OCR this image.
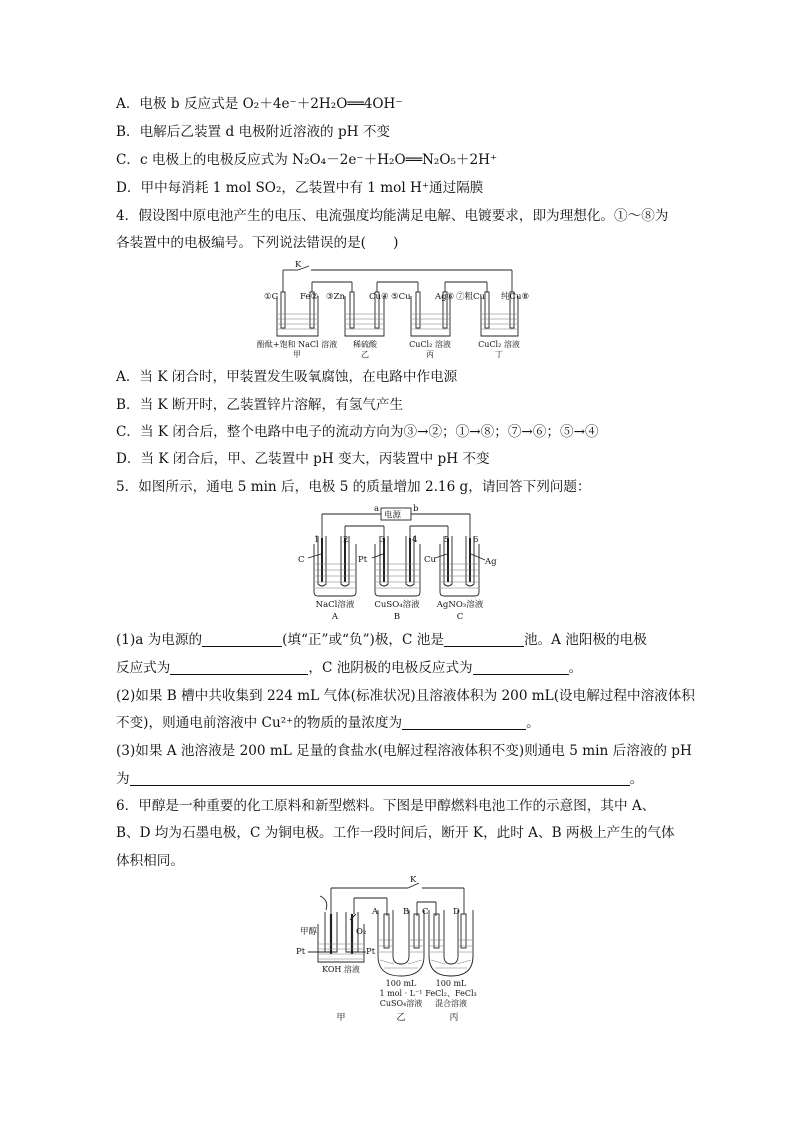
A．电极 b 反应式是 O₂＋4e⁻＋2H₂O══4OH⁻
B．电解后乙装置 d 电极附近溶液的 pH 不变
C．c 电极上的电极反应式为 N₂O₄－2e⁻＋H₂O══N₂O₅＋2H⁺
D．甲中每消耗 1 mol SO₂，乙装置中有 1 mol H⁺通过隔膜
4．假设图中原电池产生的电压、电流强度均能满足电解、电镀要求，即为理想化。①～⑧为
各装置中的电极编号。下列说法错误的是(　　)
K
①C	Fe② ③Zn	Cu④ ⑤Cu	Ag⑥ ⑦粗Cu 纯Cu⑧
酚酞+饱和 NaCl 溶液 稀硫酸	CuCl₂ 溶液	CuCl₂ 溶液
甲	乙	丙	丁
A．当 K 闭合时，甲装置发生吸氧腐蚀，在电路中作电源
B．当 K 断开时，乙装置锌片溶解，有氢气产生
C．当 K 闭合后，整个电路中电子的流动方向为③→②；①→⑧；⑦→⑥；⑤→④
D．当 K 闭合后，甲、乙装置中 pH 变大，丙装置中 pH 不变
5．如图所示，通电 5 min 后，电极 5 的质量增加 2.16 g，请回答下列问题：
电源
a	b
1	2	3	4	5	6
C	Pt	Cu	Ag
NaCl溶液 CuSO₄溶液 AgNO₃溶液
A	B	C
(1)a 为电源的	(填“正”或“负”)极，C 池是	池。A 池阳极的电极
反应式为	，C 池阴极的电极反应式为	。
(2)如果 B 槽中共收集到 224 mL 气体(标准状况)且溶液体积为 200 mL(设电解过程中溶液体积
不变)，则通电前溶液中 Cu²⁺的物质的量浓度为	。
(3)如果 A 池溶液是 200 mL 足量的食盐水(电解过程溶液体积不变)则通电 5 min 后溶液的 pH
为	。
6．甲醇是一种重要的化工原料和新型燃料。下图是甲醇燃料电池工作的示意图，其中 A、
B、D 均为石墨电极，C 为铜电极。工作一段时间后，断开 K，此时 A、B 两极上产生的气体
体积相同。
K
甲醇	O₂
Pt	Pt
A	B C	D
KOH 溶液
100 mL
1 mol · L⁻¹
CuSO₄溶液
100 mL
FeCl₂、FeCl₃
混合溶液
甲	乙	丙
